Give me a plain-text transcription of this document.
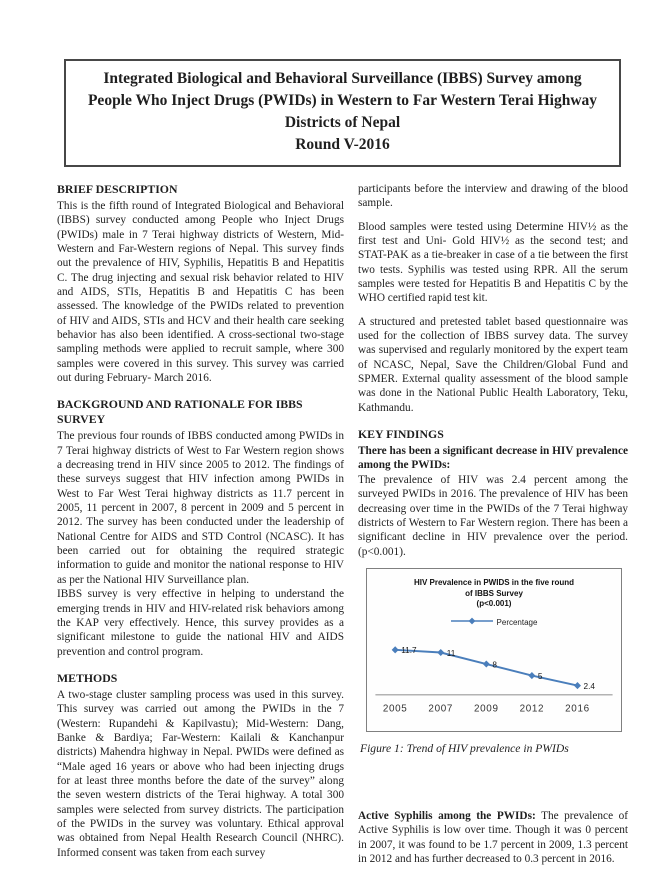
Integrated Biological and Behavioral Surveillance (IBBS) Survey among People Who Inject Drugs (PWIDs) in Western to Far Western Terai Highway Districts of Nepal
Round V-2016
BRIEF DESCRIPTION

This is the fifth round of Integrated Biological and Behavioral (IBBS) survey conducted among People who Inject Drugs (PWIDs) male in 7 Terai highway districts of Western, Mid-Western and Far-Western regions of Nepal. This survey finds out the prevalence of HIV, Syphilis, Hepatitis B and Hepatitis C. The drug injecting and sexual risk behavior related to HIV and AIDS, STIs, Hepatitis B and Hepatitis C has been assessed. The knowledge of the PWIDs related to prevention of HIV and AIDS, STIs and HCV and their health care seeking behavior has also been identified. A cross-sectional two-stage sampling methods were applied to recruit sample, where 300 samples were covered in this survey. This survey was carried out during February- March 2016.

BACKGROUND AND RATIONALE FOR IBBS SURVEY

The previous four rounds of IBBS conducted among PWIDs in 7 Terai highway districts of West to Far Western region shows a decreasing trend in HIV since 2005 to 2012. The findings of these surveys suggest that HIV infection among PWIDs in West to Far West Terai highway districts as 11.7 percent in 2005, 11 percent in 2007, 8 percent in 2009 and 5 percent in 2012. The survey has been conducted under the leadership of National Centre for AIDS and STD Control (NCASC). It has been carried out for obtaining the required strategic information to guide and monitor the national response to HIV as per the National HIV Surveillance plan.

IBBS survey is very effective in helping to understand the emerging trends in HIV and HIV-related risk behaviors among the KAP very effectively. Hence, this survey provides as a significant milestone to guide the national HIV and AIDS prevention and control program.

METHODS

A two-stage cluster sampling process was used in this survey. This survey was carried out among the PWIDs in the 7 (Western: Rupandehi & Kapilvastu); Mid-Western: Dang, Banke & Bardiya; Far-Western: Kailali & Kanchanpur districts) Mahendra highway in Nepal. PWIDs were defined as “Male aged 16 years or above who had been injecting drugs for at least three months before the date of the survey” along the seven western districts of the Terai highway. A total 300 samples were selected from survey districts. The participation of the PWIDs in the survey was voluntary. Ethical approval was obtained from Nepal Health Research Council (NHRC). Informed consent was taken from each survey

participants before the interview and drawing of the blood sample.

Blood samples were tested using Determine HIV½ as the first test and Uni- Gold HIV½ as the second test; and STAT-PAK as a tie-breaker in case of a tie between the first two tests. Syphilis was tested using RPR. All the serum samples were tested for Hepatitis B and Hepatitis C by the WHO certified rapid test kit.

A structured and pretested tablet based questionnaire was used for the collection of IBBS survey data. The survey was supervised and regularly monitored by the expert team of NCASC, Nepal, Save the Children/Global Fund and SPMER. External quality assessment of the blood sample was done in the National Public Health Laboratory, Teku, Kathmandu.

KEY FINDINGS

There has been a significant decrease in HIV prevalence among the PWIDs:

The prevalence of HIV was 2.4 percent among the surveyed PWIDs in 2016. The prevalence of HIV has been decreasing over time in the PWIDs of the 7 Terai highway districts of Western to Far Western region. There has been a significant decline in HIV prevalence over the period. (p<0.001).

HIV Prevalence in PWIDS in the five round
of IBBS Survey
(p<0.001)
Percentage
11.7
2005
11
2007
8
2009
5
2012
2.4
2016
Figure 1: Trend of HIV prevalence in PWIDs

Active Syphilis among the PWIDs: The prevalence of Active Syphilis is low over time. Though it was 0 percent in 2007, it was found to be 1.7 percent in 2009, 1.3 percent in 2012 and has further decreased to 0.3 percent in 2016.
